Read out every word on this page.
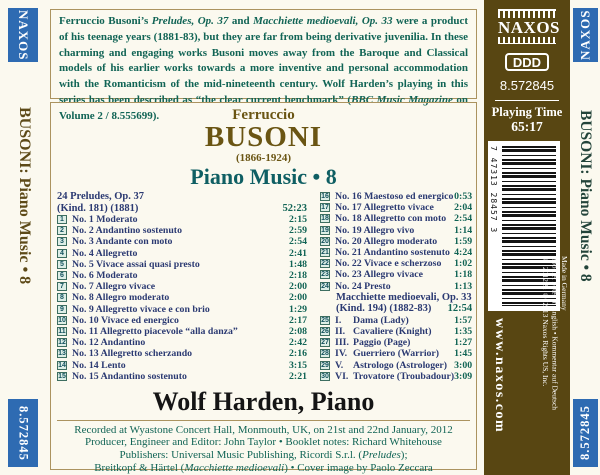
NAXOS
BUSONI: Piano Music • 8
8.572845
Ferruccio Busoni’s Preludes, Op. 37 and Macchiette medioevali, Op. 33 were a product of his teenage years (1881-83), but they are far from being derivative juvenilia. In these charming and engaging works Busoni moves away from the Baroque and Classical models of his earlier works towards a more inventive and personal accommodation with the Romanticism of the mid-nineteenth century. Wolf Harden’s playing in this series has been described as “the clear current benchmark” (BBC Music Magazine on Volume 2 / 8.555699).	Ferruccio
BUSONI
(1866-1924)
Piano Music • 8
24 Preludes, Op. 37
(Kind. 181) (1881)	52:23
1 No. 1 Moderato	2:15
2 No. 2 Andantino sostenuto	2:59
3 No. 3 Andante con moto	2:54
4 No. 4 Allegretto	2:41
5 No. 5 Vivace assai quasi presto	1:48
6 No. 6 Moderato	2:18
7 No. 7 Allegro vivace	2:00
8 No. 8 Allegro moderato	2:00
9 No. 9 Allegretto vivace e con brio	1:29
10 No. 10 Vivace ed energico	2:17
11 No. 11 Allegretto piacevole “alla danza”	2:08
12 No. 12 Andantino	2:42
13 No. 13 Allegretto scherzando	2:16
14 No. 14 Lento	3:15
15 No. 15 Andantino sostenuto	2:21
16 No. 16 Maestoso ed energico 0:53
17 No. 17 Allegretto vivace	2:04
18 No. 18 Allegretto con moto 2:54
19 No. 19 Allegro vivo	1:14
20 No. 20 Allegro moderato	1:59
21 No. 21 Andantino sostenuto 4:24
22 No. 22 Vivace e scherzoso	1:02
23 No. 23 Allegro vivace	1:18
24 No. 24 Presto	1:13
Macchiette medioevali, Op. 33
(Kind. 194) (1882-83) 12:54
25 I. Dama (Lady)	1:57
26 II. Cavaliere (Knight)	1:35
27 III. Paggio (Page)	1:27
28 IV. Guerriero (Warrior)	1:45
29 V. Astrologo (Astrologer) 3:00
30 VI. Trovatore (Troubadour) 3:09
Wolf Harden, Piano
Recorded at Wyastone Concert Hall, Monmouth, UK, on 21st and 22nd January, 2012
Producer, Engineer and Editor: John Taylor • Booklet notes: Richard Whitehouse
Publishers: Universal Music Publishing, Ricordi S.r.l. (Preludes);
Breitkopf & Härtel (Macchiette medioevali) • Cover image by Paolo Zeccara
NAXOS
DDD
8.572845
Playing Time
65:17
7 47313 28457 3
www.naxos.com	℗ 2012 & © 2013 Naxos Rights US, Inc. Booklet notes in English • Kommentar auf Deutsch Made in Germany
NAXOS
BUSONI: Piano Music • 8
8.572845
